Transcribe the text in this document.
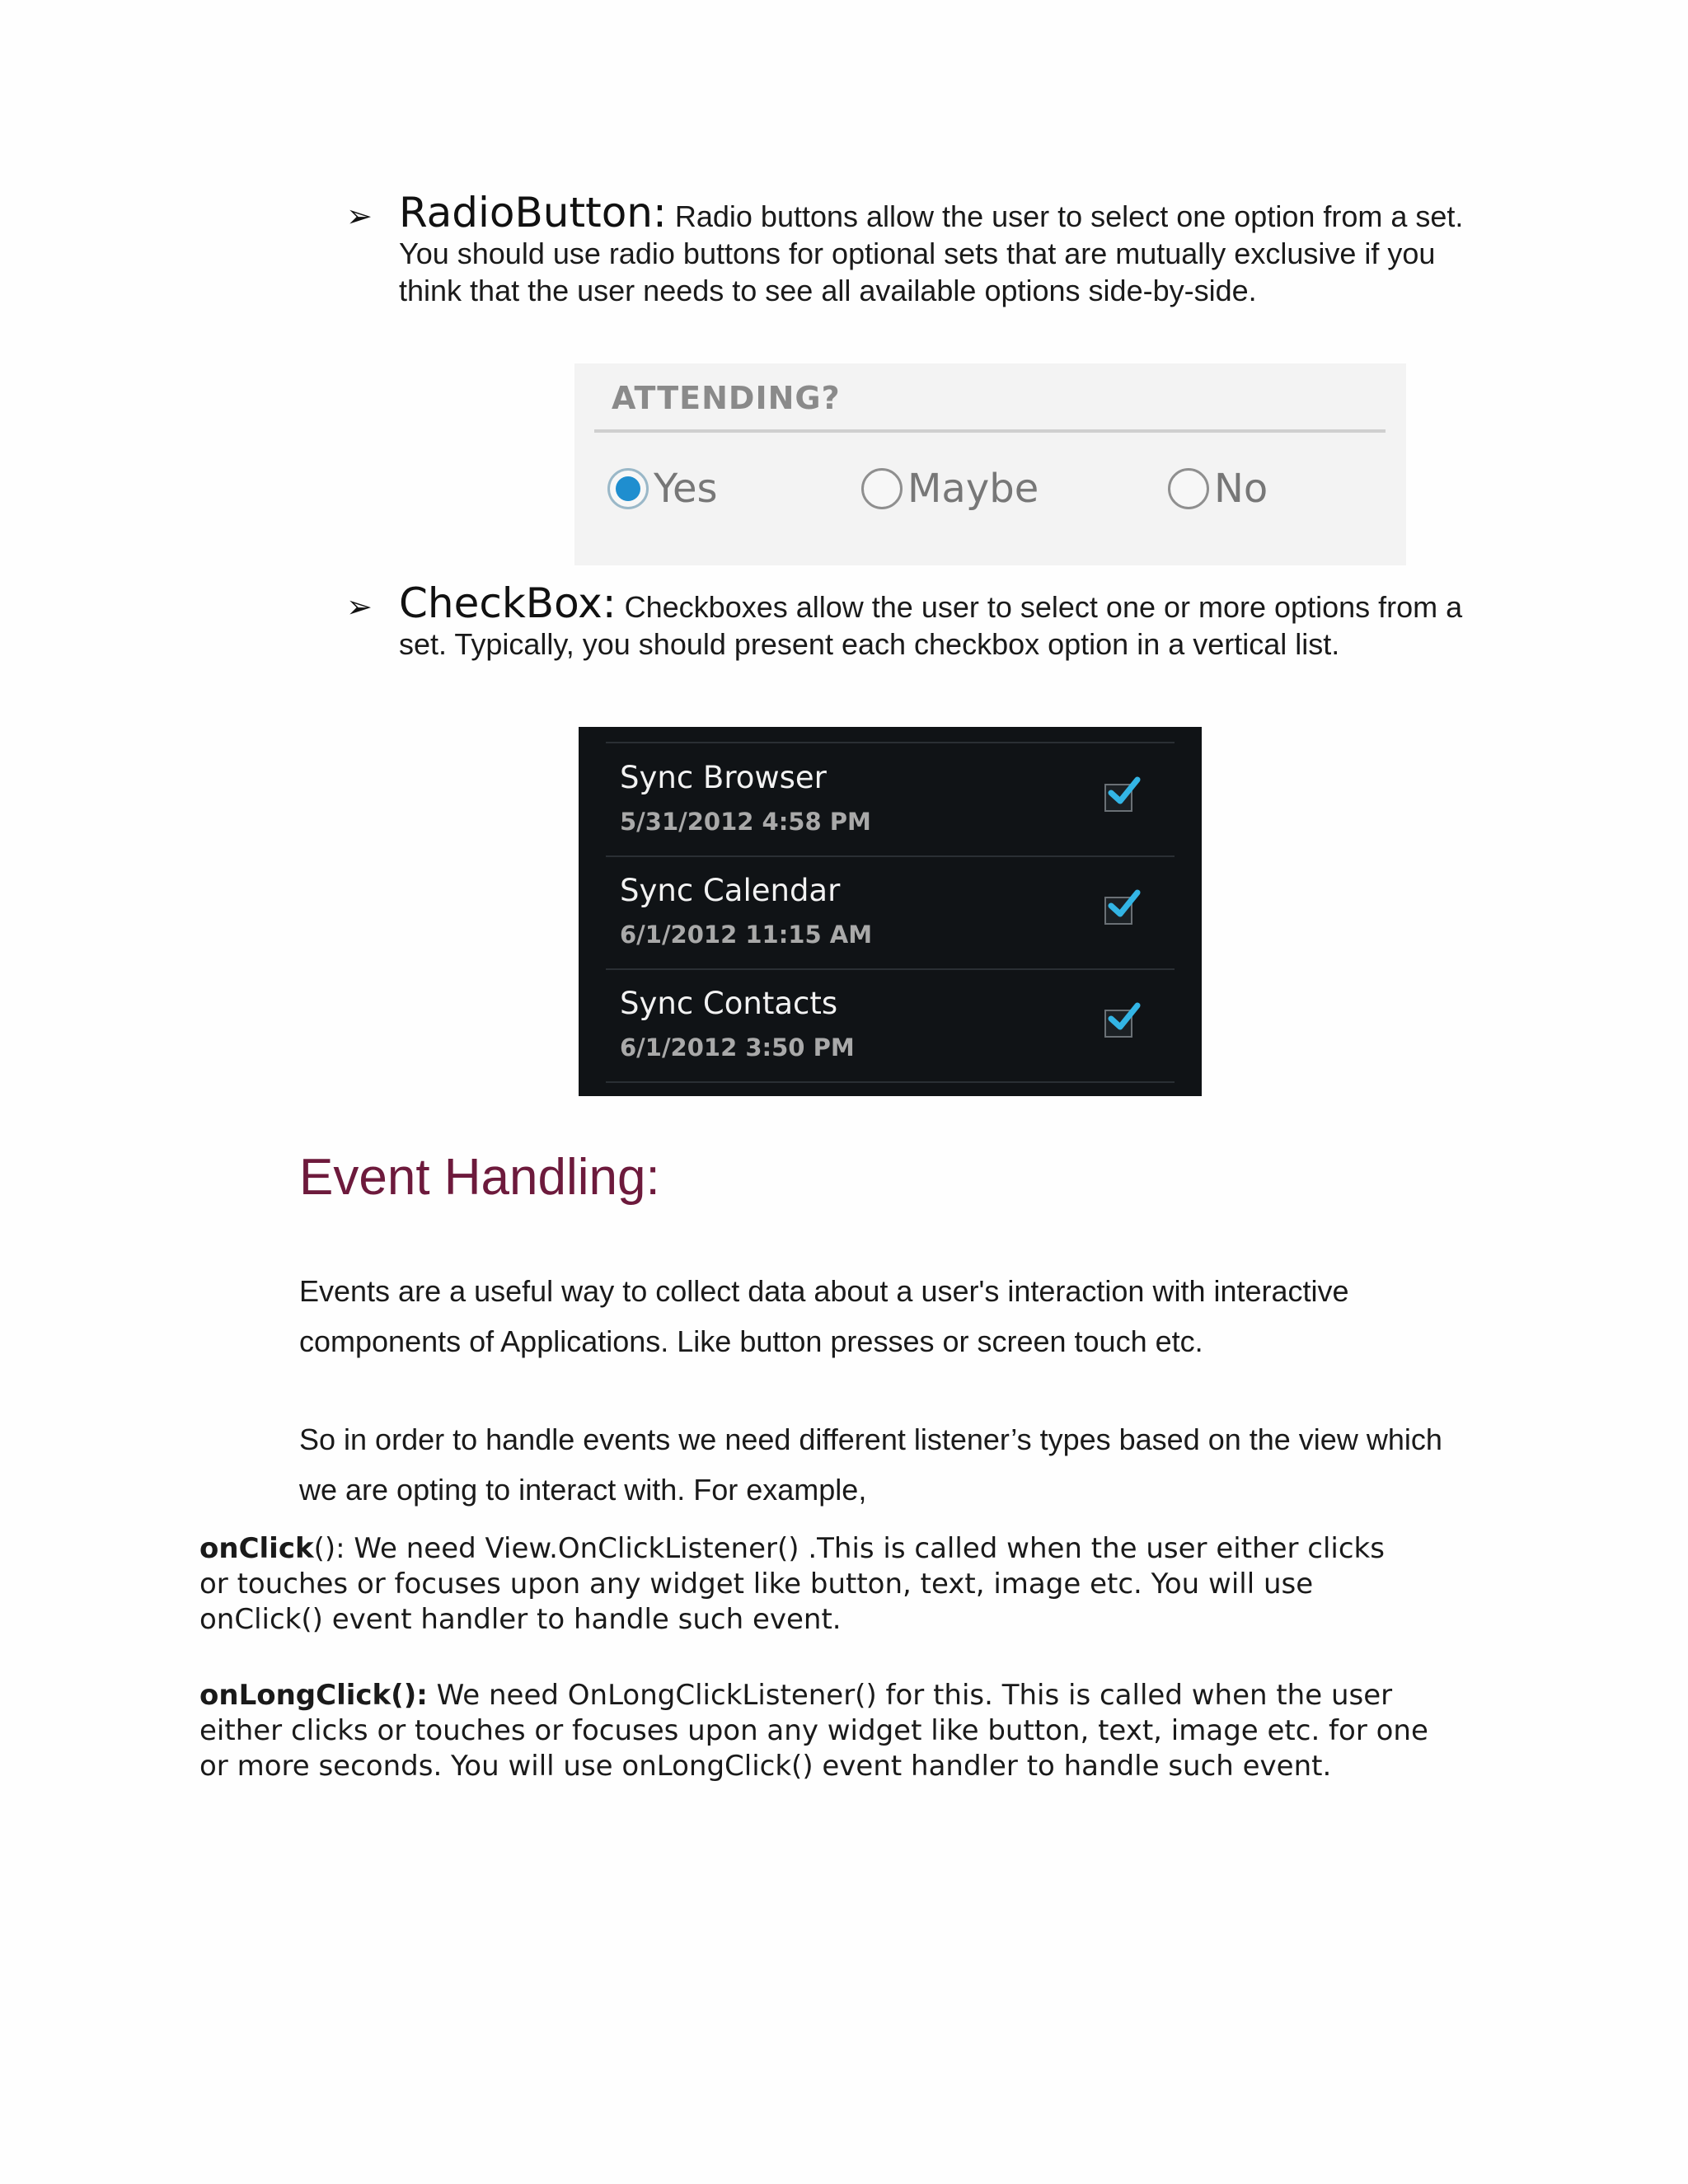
➢ RadioButton: Radio buttons allow the user to select one option from a set. You should use radio buttons for optional sets that are mutually exclusive if you think that the user needs to see all available options side-by-side.
ATTENDING?
Yes	Maybe	No
➢ CheckBox: Checkboxes allow the user to select one or more options from a set. Typically, you should present each checkbox option in a vertical list.
Sync Browser
5/31/2012 4:58 PM
Sync Calendar
6/1/2012 11:15 AM
Sync Contacts
6/1/2012 3:50 PM
Event Handling:
Events are a useful way to collect data about a user's interaction with interactive
components of Applications. Like button presses or screen touch etc.
So in order to handle events we need different listener’s types based on the view which
we are opting to interact with. For example,
onClick(): We need View.OnClickListener() .This is called when the user either clicks
or touches or focuses upon any widget like button, text, image etc. You will use
onClick() event handler to handle such event.
onLongClick(): We need OnLongClickListener() for this. This is called when the user
either clicks or touches or focuses upon any widget like button, text, image etc. for one
or more seconds. You will use onLongClick() event handler to handle such event.
